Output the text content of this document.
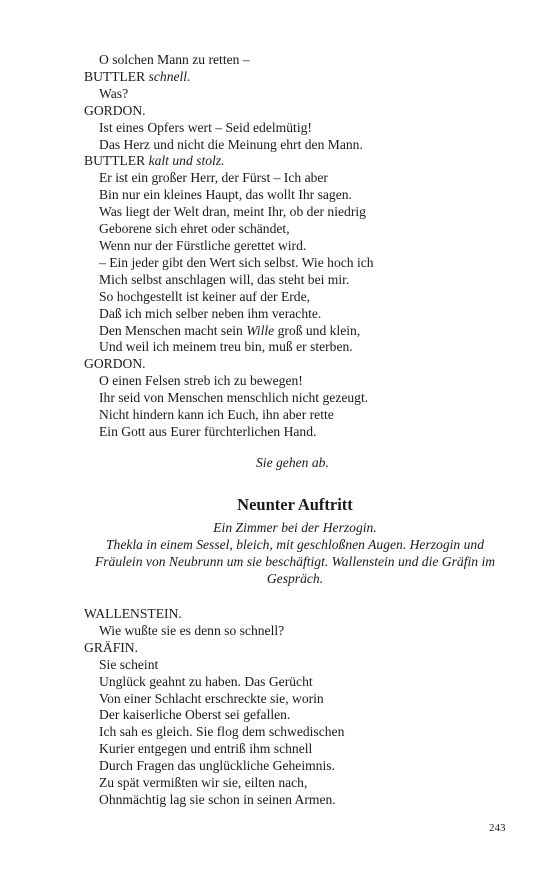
O solchen Mann zu retten –
BUTTLER schnell.
Was?
GORDON.
Ist eines Opfers wert – Seid edelmütig!
Das Herz und nicht die Meinung ehrt den Mann.
BUTTLER kalt und stolz.
Er ist ein großer Herr, der Fürst – Ich aber
Bin nur ein kleines Haupt, das wollt Ihr sagen.
Was liegt der Welt dran, meint Ihr, ob der niedrig
Geborene sich ehret oder schändet,
Wenn nur der Fürstliche gerettet wird.
– Ein jeder gibt den Wert sich selbst. Wie hoch ich
Mich selbst anschlagen will, das steht bei mir.
So hochgestellt ist keiner auf der Erde,
Daß ich mich selber neben ihm verachte.
Den Menschen macht sein Wille groß und klein,
Und weil ich meinem treu bin, muß er sterben.
GORDON.
O einen Felsen streb ich zu bewegen!
Ihr seid von Menschen menschlich nicht gezeugt.
Nicht hindern kann ich Euch, ihn aber rette
Ein Gott aus Eurer fürchterlichen Hand.
Sie gehen ab.
Neunter Auftritt
Ein Zimmer bei der Herzogin.
Thekla in einem Sessel, bleich, mit geschloßnen Augen. Herzogin und Fräulein von Neubrunn um sie beschäftigt. Wallenstein und die Gräfin im Gespräch.
WALLENSTEIN.
Wie wußte sie es denn so schnell?
GRÄFIN.
Sie scheint
Unglück geahnt zu haben. Das Gerücht
Von einer Schlacht erschreckte sie, worin
Der kaiserliche Oberst sei gefallen.
Ich sah es gleich. Sie flog dem schwedischen
Kurier entgegen und entriß ihm schnell
Durch Fragen das unglückliche Geheimnis.
Zu spät vermißten wir sie, eilten nach,
Ohnmächtig lag sie schon in seinen Armen.
243
